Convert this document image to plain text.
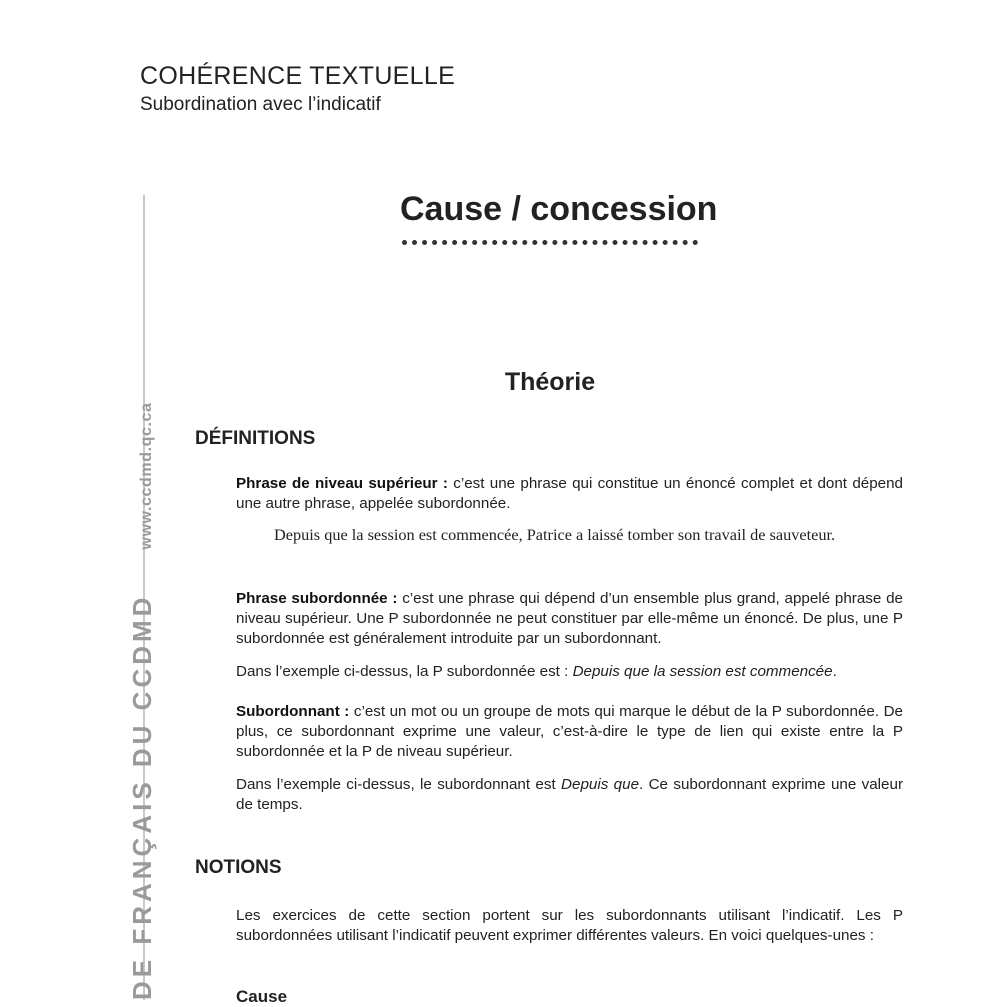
COHÉRENCE TEXTUELLE
Subordination avec l’indicatif
Cause / concession
DE FRANÇAIS DU CCDMDwww.ccdmd.qc.ca
Théorie
DÉFINITIONS
Phrase de niveau supérieur : c’est une phrase qui constitue un énoncé complet et dont dépend une autre phrase, appelée subordonnée.
Depuis que la session est commencée, Patrice a laissé tomber son travail de sauveteur.
Phrase subordonnée : c’est une phrase qui dépend d’un ensemble plus grand, appelé phrase de niveau supérieur. Une P subordonnée ne peut constituer par elle-même un énoncé. De plus, une P subordonnée est généralement introduite par un subordonnant.
Dans l’exemple ci-dessus, la P subordonnée est : Depuis que la session est commencée.
Subordonnant : c’est un mot ou un groupe de mots qui marque le début de la P subordonnée. De plus, ce subordonnant exprime une valeur, c’est-à-dire le type de lien qui existe entre la P subordonnée et la P de niveau supérieur.
Dans l’exemple ci-dessus, le subordonnant est Depuis que. Ce subordonnant exprime une valeur de temps.
NOTIONS
Les exercices de cette section portent sur les subordonnants utilisant l’indicatif. Les P subordonnées utilisant l’indicatif peuvent exprimer différentes valeurs. En voici quelques-unes :
Cause
